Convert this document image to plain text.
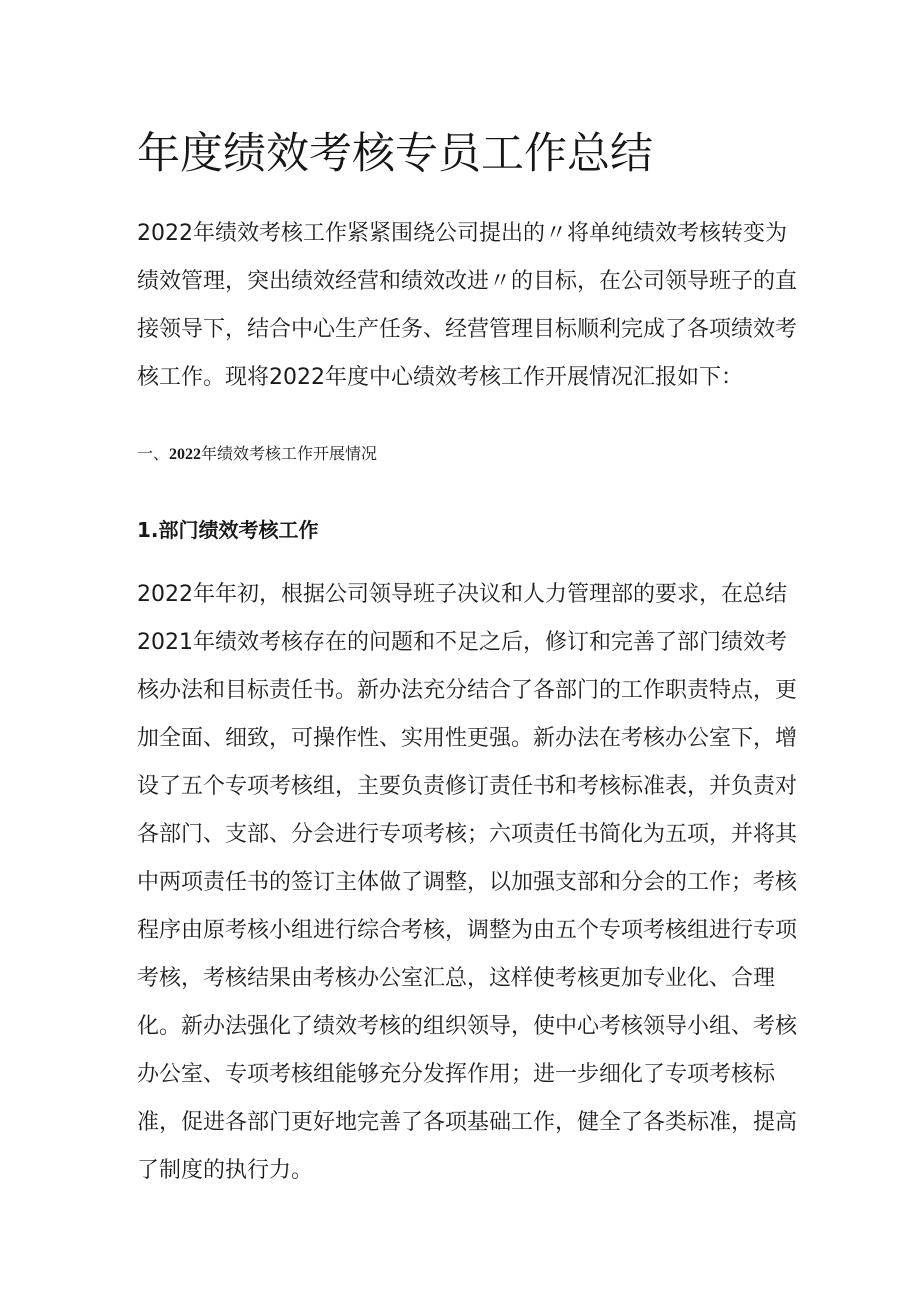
年度绩效考核专员工作总结

2022年绩效考核工作紧紧围绕公司提出的〃将单纯绩效考核转变为绩效管理，突出绩效经营和绩效改进〃的目标，在公司领导班子的直接领导下，结合中心生产任务、经营管理目标顺利完成了各项绩效考核工作。现将2022年度中心绩效考核工作开展情况汇报如下：

一、2022年绩效考核工作开展情况
1.部门绩效考核工作

2022年年初，根据公司领导班子决议和人力管理部的要求，在总结2021年绩效考核存在的问题和不足之后，修订和完善了部门绩效考核办法和目标责任书。新办法充分结合了各部门的工作职责特点，更加全面、细致，可操作性、实用性更强。新办法在考核办公室下，增设了五个专项考核组，主要负责修订责任书和考核标准表，并负责对各部门、支部、分会进行专项考核；六项责任书简化为五项，并将其中两项责任书的签订主体做了调整，以加强支部和分会的工作；考核程序由原考核小组进行综合考核，调整为由五个专项考核组进行专项考核，考核结果由考核办公室汇总，这样使考核更加专业化、合理化。新办法强化了绩效考核的组织领导，使中心考核领导小组、考核办公室、专项考核组能够充分发挥作用；进一步细化了专项考核标准，促进各部门更好地完善了各项基础工作，健全了各类标准，提高了制度的执行力。
